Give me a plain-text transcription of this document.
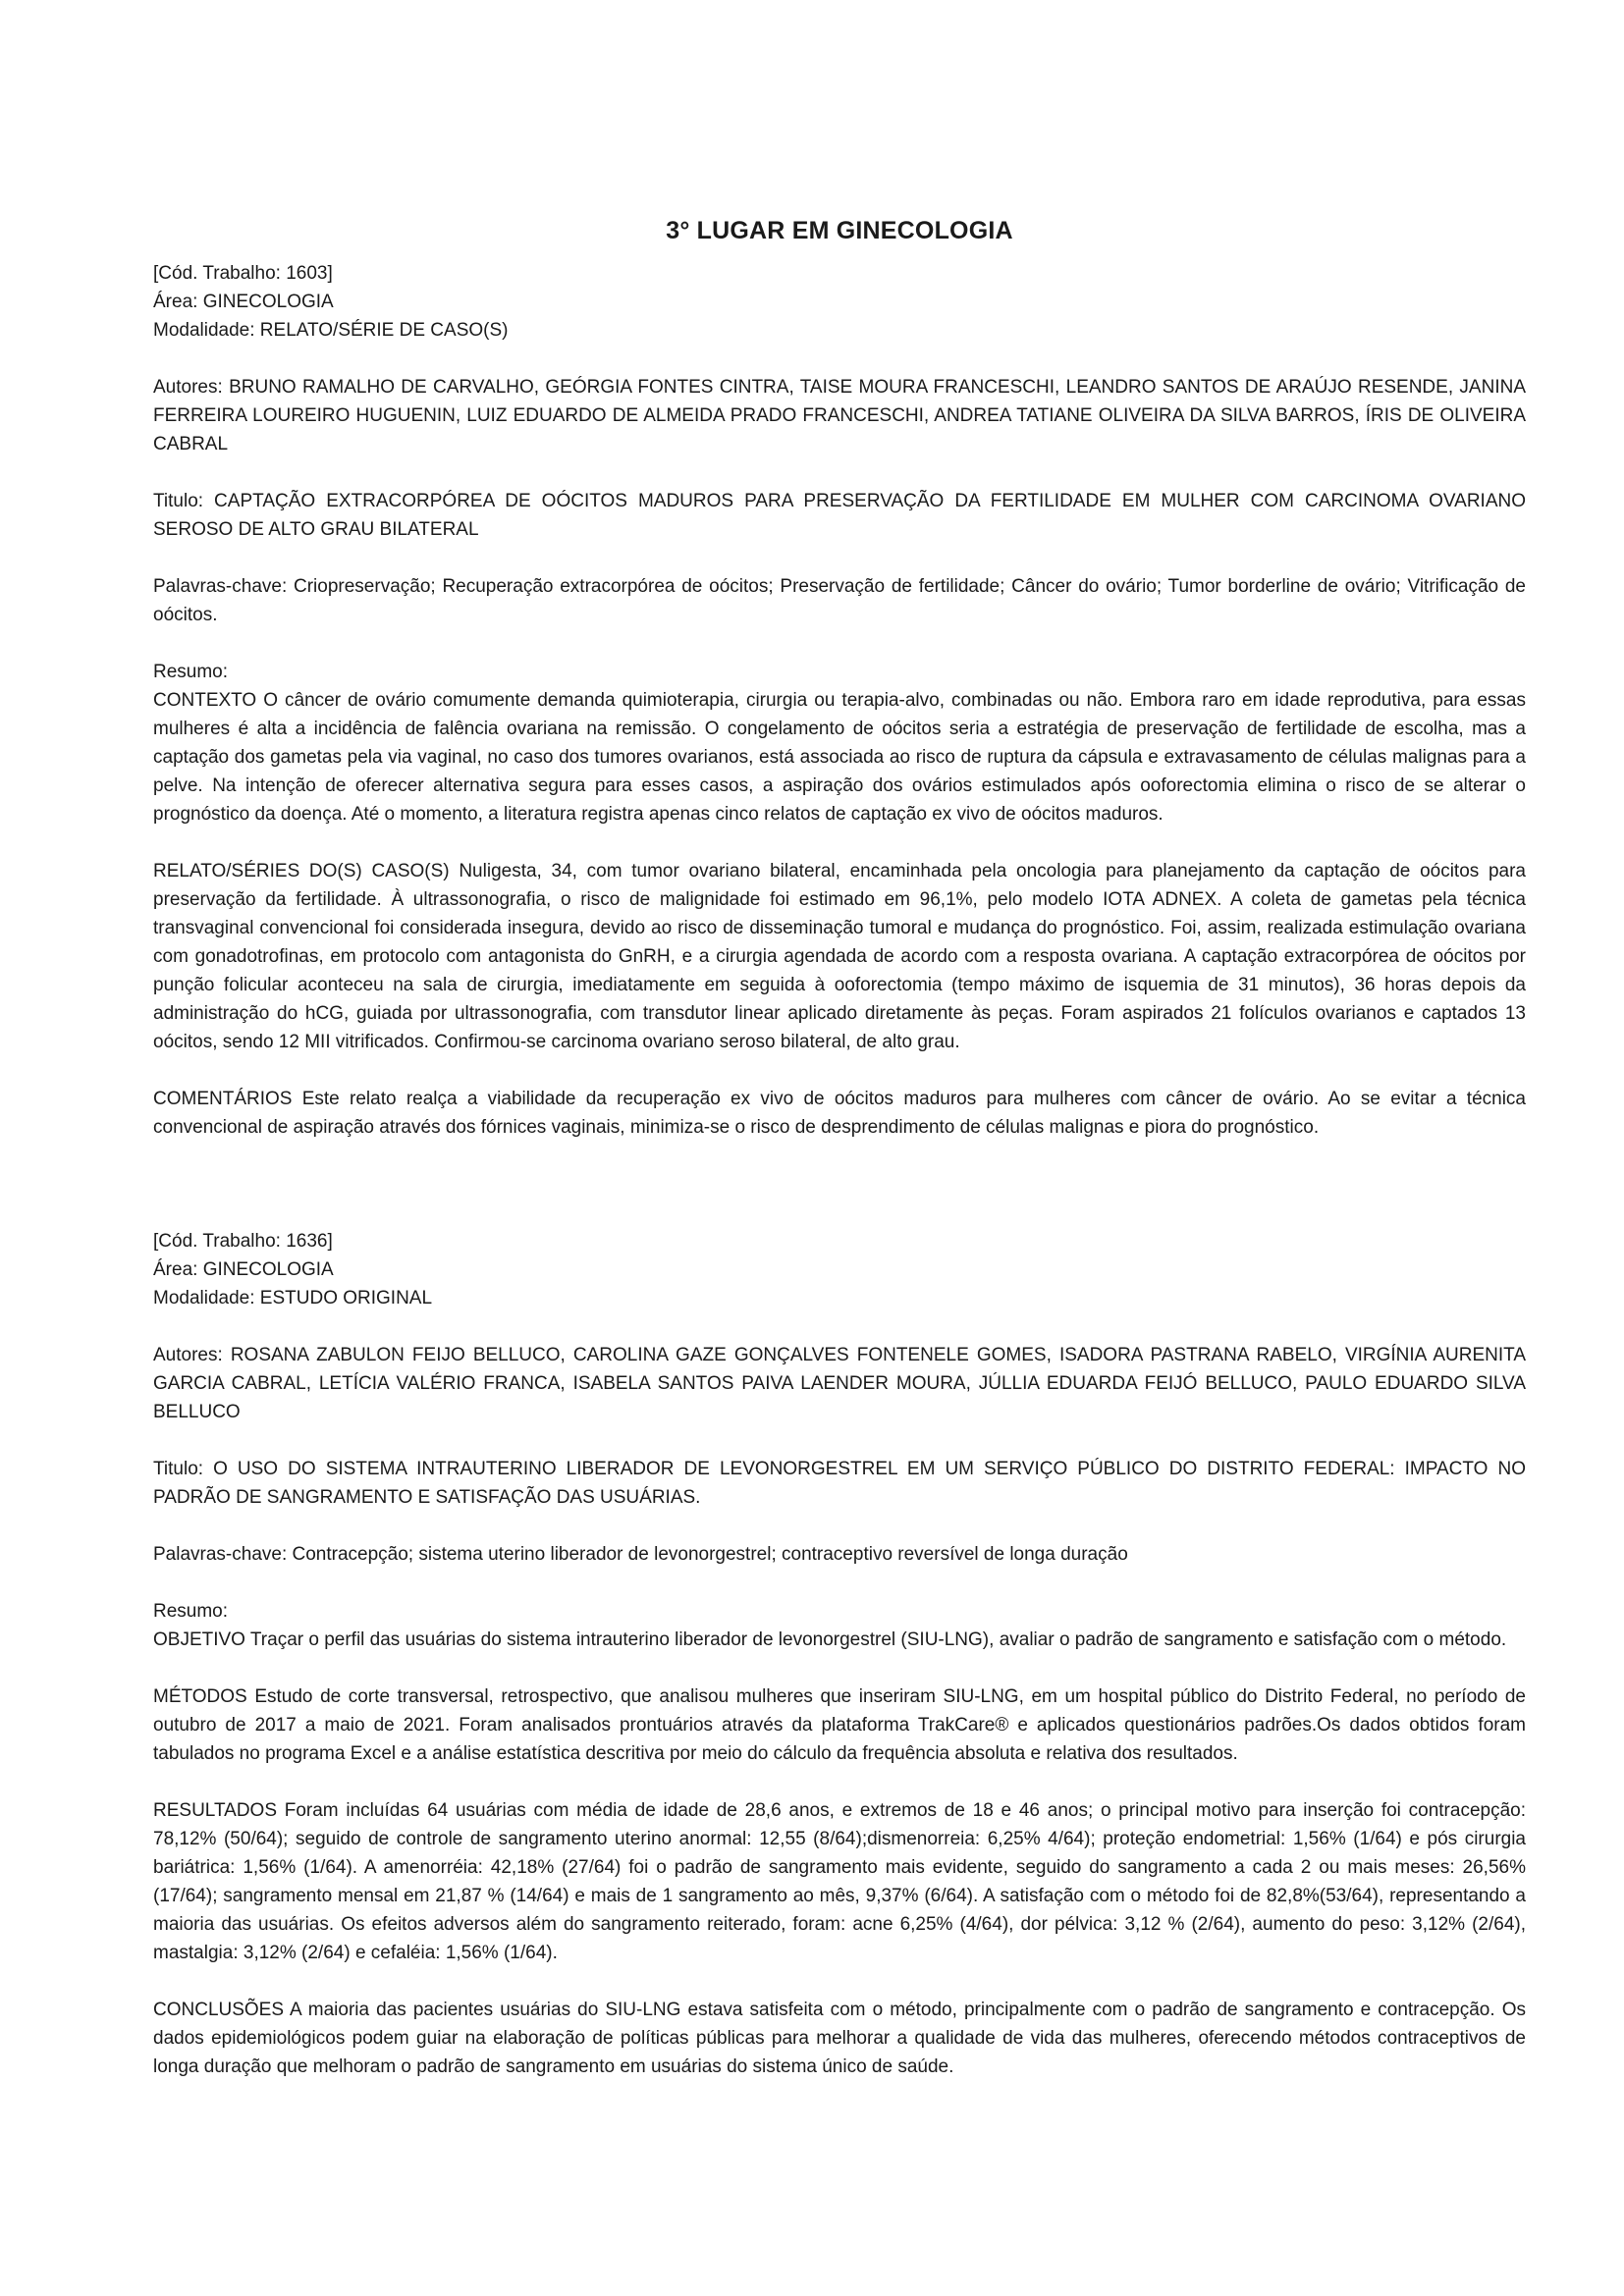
3° LUGAR EM GINECOLOGIA

[Cód. Trabalho: 1603]

Área: GINECOLOGIA

Modalidade: RELATO/SÉRIE DE CASO(S)

Autores: BRUNO RAMALHO DE CARVALHO, GEÓRGIA FONTES CINTRA, TAISE MOURA FRANCESCHI, LEANDRO SANTOS DE ARAÚJO RESENDE, JANINA FERREIRA LOUREIRO HUGUENIN, LUIZ EDUARDO DE ALMEIDA PRADO FRANCESCHI, ANDREA TATIANE OLIVEIRA DA SILVA BARROS, ÍRIS DE OLIVEIRA CABRAL

Titulo: CAPTAÇÃO EXTRACORPÓREA DE OÓCITOS MADUROS PARA PRESERVAÇÃO DA FERTILIDADE EM MULHER COM CARCINOMA OVARIANO SEROSO DE ALTO GRAU BILATERAL

Palavras-chave: Criopreservação; Recuperação extracorpórea de oócitos; Preservação de fertilidade; Câncer do ovário; Tumor borderline de ovário; Vitrificação de oócitos.

Resumo:

CONTEXTO O câncer de ovário comumente demanda quimioterapia, cirurgia ou terapia-alvo, combinadas ou não. Embora raro em idade reprodutiva, para essas mulheres é alta a incidência de falência ovariana na remissão. O congelamento de oócitos seria a estratégia de preservação de fertilidade de escolha, mas a captação dos gametas pela via vaginal, no caso dos tumores ovarianos, está associada ao risco de ruptura da cápsula e extravasamento de células malignas para a pelve. Na intenção de oferecer alternativa segura para esses casos, a aspiração dos ovários estimulados após ooforectomia elimina o risco de se alterar o prognóstico da doença. Até o momento, a literatura registra apenas cinco relatos de captação ex vivo de oócitos maduros.

RELATO/SÉRIES DO(S) CASO(S) Nuligesta, 34, com tumor ovariano bilateral, encaminhada pela oncologia para planejamento da captação de oócitos para preservação da fertilidade. À ultrassonografia, o risco de malignidade foi estimado em 96,1%, pelo modelo IOTA ADNEX. A coleta de gametas pela técnica transvaginal convencional foi considerada insegura, devido ao risco de disseminação tumoral e mudança do prognóstico. Foi, assim, realizada estimulação ovariana com gonadotrofinas, em protocolo com antagonista do GnRH, e a cirurgia agendada de acordo com a resposta ovariana. A captação extracorpórea de oócitos por punção folicular aconteceu na sala de cirurgia, imediatamente em seguida à ooforectomia (tempo máximo de isquemia de 31 minutos), 36 horas depois da administração do hCG, guiada por ultrassonografia, com transdutor linear aplicado diretamente às peças. Foram aspirados 21 folículos ovarianos e captados 13 oócitos, sendo 12 MII vitrificados. Confirmou-se carcinoma ovariano seroso bilateral, de alto grau.

COMENTÁRIOS Este relato realça a viabilidade da recuperação ex vivo de oócitos maduros para mulheres com câncer de ovário. Ao se evitar a técnica convencional de aspiração através dos fórnices vaginais, minimiza-se o risco de desprendimento de células malignas e piora do prognóstico.

[Cód. Trabalho: 1636]

Área: GINECOLOGIA

Modalidade: ESTUDO ORIGINAL

Autores: ROSANA ZABULON FEIJO BELLUCO, CAROLINA GAZE GONÇALVES FONTENELE GOMES, ISADORA PASTRANA RABELO, VIRGÍNIA AURENITA GARCIA CABRAL, LETÍCIA VALÉRIO FRANCA, ISABELA SANTOS PAIVA LAENDER MOURA, JÚLLIA EDUARDA FEIJÓ BELLUCO, PAULO EDUARDO SILVA BELLUCO

Titulo: O USO DO SISTEMA INTRAUTERINO LIBERADOR DE LEVONORGESTREL EM UM SERVIÇO PÚBLICO DO DISTRITO FEDERAL: IMPACTO NO PADRÃO DE SANGRAMENTO E SATISFAÇÃO DAS USUÁRIAS.

Palavras-chave: Contracepção; sistema uterino liberador de levonorgestrel; contraceptivo reversível de longa duração

Resumo:

OBJETIVO Traçar o perfil das usuárias do sistema intrauterino liberador de levonorgestrel (SIU-LNG), avaliar o padrão de sangramento e satisfação com o método.

MÉTODOS Estudo de corte transversal, retrospectivo, que analisou mulheres que inseriram SIU-LNG, em um hospital público do Distrito Federal, no período de outubro de 2017 a maio de 2021. Foram analisados prontuários através da plataforma TrakCare® e aplicados questionários padrões.Os dados obtidos foram tabulados no programa Excel e a análise estatística descritiva por meio do cálculo da frequência absoluta e relativa dos resultados.

RESULTADOS Foram incluídas 64 usuárias com média de idade de 28,6 anos, e extremos de 18 e 46 anos; o principal motivo para inserção foi contracepção: 78,12% (50/64); seguido de controle de sangramento uterino anormal: 12,55 (8/64);dismenorreia: 6,25% 4/64); proteção endometrial: 1,56% (1/64) e pós cirurgia bariátrica: 1,56% (1/64). A amenorréia: 42,18% (27/64) foi o padrão de sangramento mais evidente, seguido do sangramento a cada 2 ou mais meses: 26,56% (17/64); sangramento mensal em 21,87 % (14/64) e mais de 1 sangramento ao mês, 9,37% (6/64). A satisfação com o método foi de 82,8%(53/64), representando a maioria das usuárias. Os efeitos adversos além do sangramento reiterado, foram: acne 6,25% (4/64), dor pélvica: 3,12 % (2/64), aumento do peso: 3,12% (2/64), mastalgia: 3,12% (2/64) e cefaléia: 1,56% (1/64).

CONCLUSÕES A maioria das pacientes usuárias do SIU-LNG estava satisfeita com o método, principalmente com o padrão de sangramento e contracepção. Os dados epidemiológicos podem guiar na elaboração de políticas públicas para melhorar a qualidade de vida das mulheres, oferecendo métodos contraceptivos de longa duração que melhoram o padrão de sangramento em usuárias do sistema único de saúde.
